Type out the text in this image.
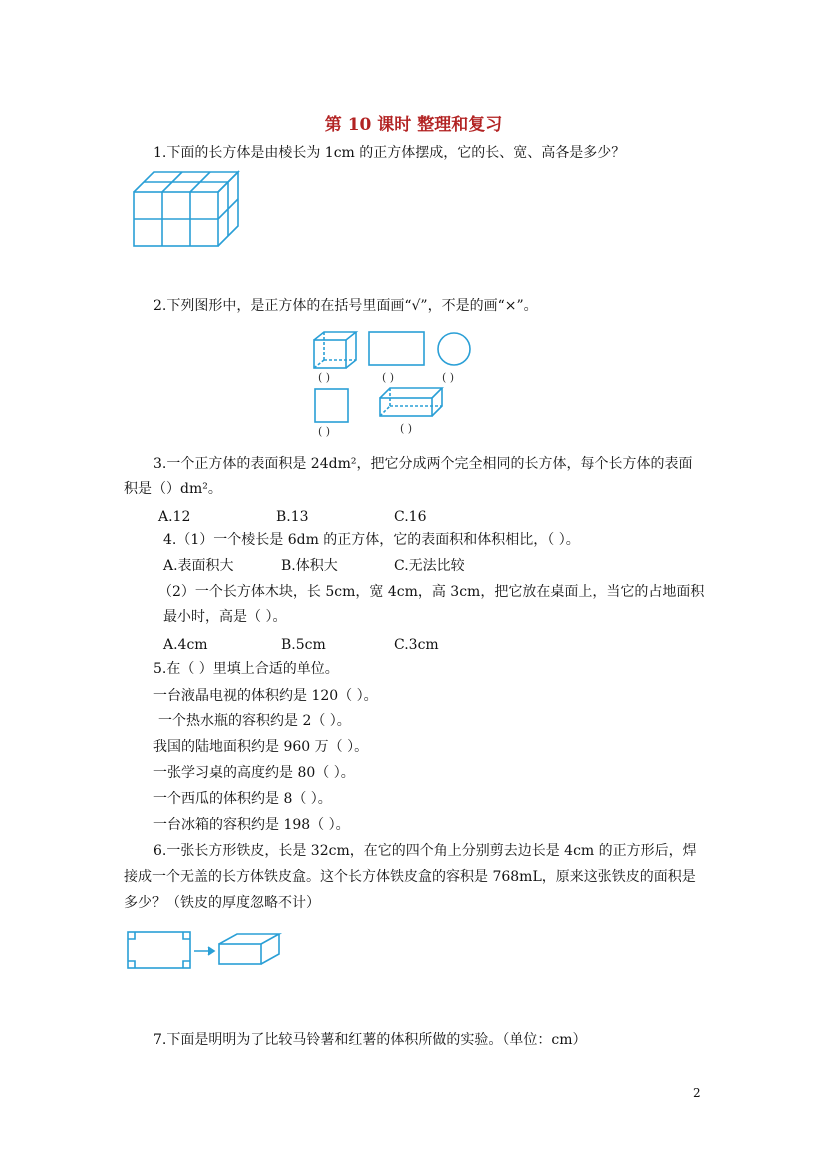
第 10 课时 整理和复习
1.下面的长方体是由棱长为 1cm 的正方体摆成，它的长、宽、高各是多少？
2.下列图形中，是正方体的在括号里面画“√”，不是的画“×”。
( )	( )	( )
( )	( )
3.一个正方体的表面积是 24dm²，把它分成两个完全相同的长方体，每个长方体的表面
积是（）dm²。
A.12	B.13	C.16
4.（1）一个棱长是 6dm 的正方体，它的表面积和体积相比，（ ）。
A.表面积大	B.体积大	C.无法比较
（2）一个长方体木块，长 5cm，宽 4cm，高 3cm，把它放在桌面上，当它的占地面积
最小时，高是（ ）。
A.4cm	B.5cm	C.3cm
5.在（ ）里填上合适的单位。
一台液晶电视的体积约是 120（ ）。
一个热水瓶的容积约是 2（ ）。
我国的陆地面积约是 960 万（ ）。
一张学习桌的高度约是 80（ ）。
一个西瓜的体积约是 8（ ）。
一台冰箱的容积约是 198（ ）。
6.一张长方形铁皮，长是 32cm，在它的四个角上分别剪去边长是 4cm 的正方形后，焊
接成一个无盖的长方体铁皮盒。这个长方体铁皮盒的容积是 768mL，原来这张铁皮的面积是
多少？（铁皮的厚度忽略不计）
7.下面是明明为了比较马铃薯和红薯的体积所做的实验。（单位：cm）
2
